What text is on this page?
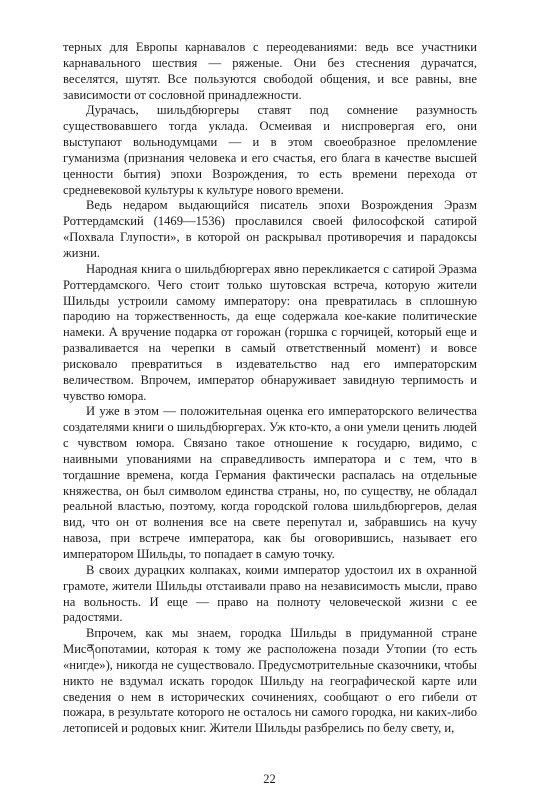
терных для Европы карнавалов с переодеваниями: ведь все участники карнавального шествия — ряженые. Они без стеснения дурачатся, веселятся, шутят. Все пользуются свободой общения, и все равны, вне зависимости от сословной принадлежности.

Дурачась, шильдбюргеры ставят под сомнение разумность существовавшего тогда уклада. Осмеивая и ниспровергая его, они выступают вольнодумцами — и в этом своеобразное преломление гуманизма (признания человека и его счастья, его блага в качестве высшей ценности бытия) эпохи Возрождения, то есть времени перехода от средневековой культуры к культуре нового времени.

Ведь недаром выдающийся писатель эпохи Возрождения Эразм Роттердамский (1469—1536) прославился своей философской сатирой «Похвала Глупости», в которой он раскрывал противоречия и парадоксы жизни.

Народная книга о шильдбюргерах явно перекликается с сатирой Эразма Роттердамского. Чего стоит только шутовская встреча, которую жители Шильды устроили самому императору: она превратилась в сплошную пародию на торжественность, да еще содержала кое-какие политические намеки. А вручение подарка от горожан (горшка с горчицей, который еще и разваливается на черепки в самый ответственный момент) и вовсе рисковало превратиться в издевательство над его императорским величеством. Впрочем, император обнаруживает завидную терпимость и чувство юмора.

И уже в этом — положительная оценка его императорского величества создателями книги о шильдбюргерах. Уж кто-кто, а они умели ценить людей с чувством юмора. Связано такое отношение к государю, видимо, с наивными упованиями на справедливость императора и с тем, что в тогдашние времена, когда Германия фактически распалась на отдельные княжества, он был символом единства страны, но, по существу, не обладал реальной властью, поэтому, когда городской голова шильдбюргеров, делая вид, что он от волнения все на свете перепутал и, забравшись на кучу навоза, при встрече императора, как бы оговорившись, называет его императором Шильды, то попадает в самую точку.

В своих дурацких колпаках, коими император удостоил их в охранной грамоте, жители Шильды отстаивали право на независимость мысли, право на вольность. И еще — право на полноту человеческой жизни с ее радостями.

Впрочем, как мы знаем, городка Шильды в придуманной стране Мисནопотамии, которая к тому же расположена позади Утопии (то есть «нигде»), никогда не существовало. Предусмотрительные сказочники, чтобы никто не вздумал искать городок Шильду на географической карте или сведения о нем в исторических сочинениях, сообщают о его гибели от пожара, в результате которого не осталось ни самого городка, ни каких-либо летописей и родовых книг. Жители Шильды разбрелись по белу свету, и,

22
